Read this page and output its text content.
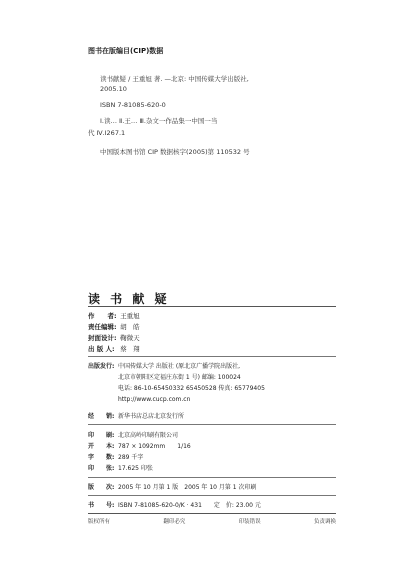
图书在版编目(CIP)数据
读书献疑 / 王重旭 著. —北京: 中国传媒大学出版社,
2005.10
ISBN 7-81085-620-0
Ⅰ.读… Ⅱ.王… Ⅲ.杂文一作品集一中国一当
代 Ⅳ.I267.1
中国版本图书馆 CIP 数据核字(2005)第 110532 号
读 书 献 疑
作　　者: 王重旭
责任编辑: 胡　皓
封面设计: 鞠微天
出 版 人: 蔡　翔
出版发行: 中国传媒大学 出版社 (原北京广播学院出版社,
北京市朝阳区定福庄东街 1 号) 邮编: 100024
电话: 86-10-65450332 65450528 传真: 65779405
http://www.cucp.com.cn
经　　销: 新华书店总店北京发行所
印　　刷: 北京高岭印刷有限公司
开　　本: 787 × 1092mm　　1/16
字　　数: 289 千字
印　　张: 17.625 印张
版　　次: 2005 年 10 月第 1 版　2005 年 10 月第 1 次印刷
书　　号: ISBN 7-81085-620-0/K · 431　　定　价: 23.00 元
版权所有	翻印必究	印装错误	负责调换
